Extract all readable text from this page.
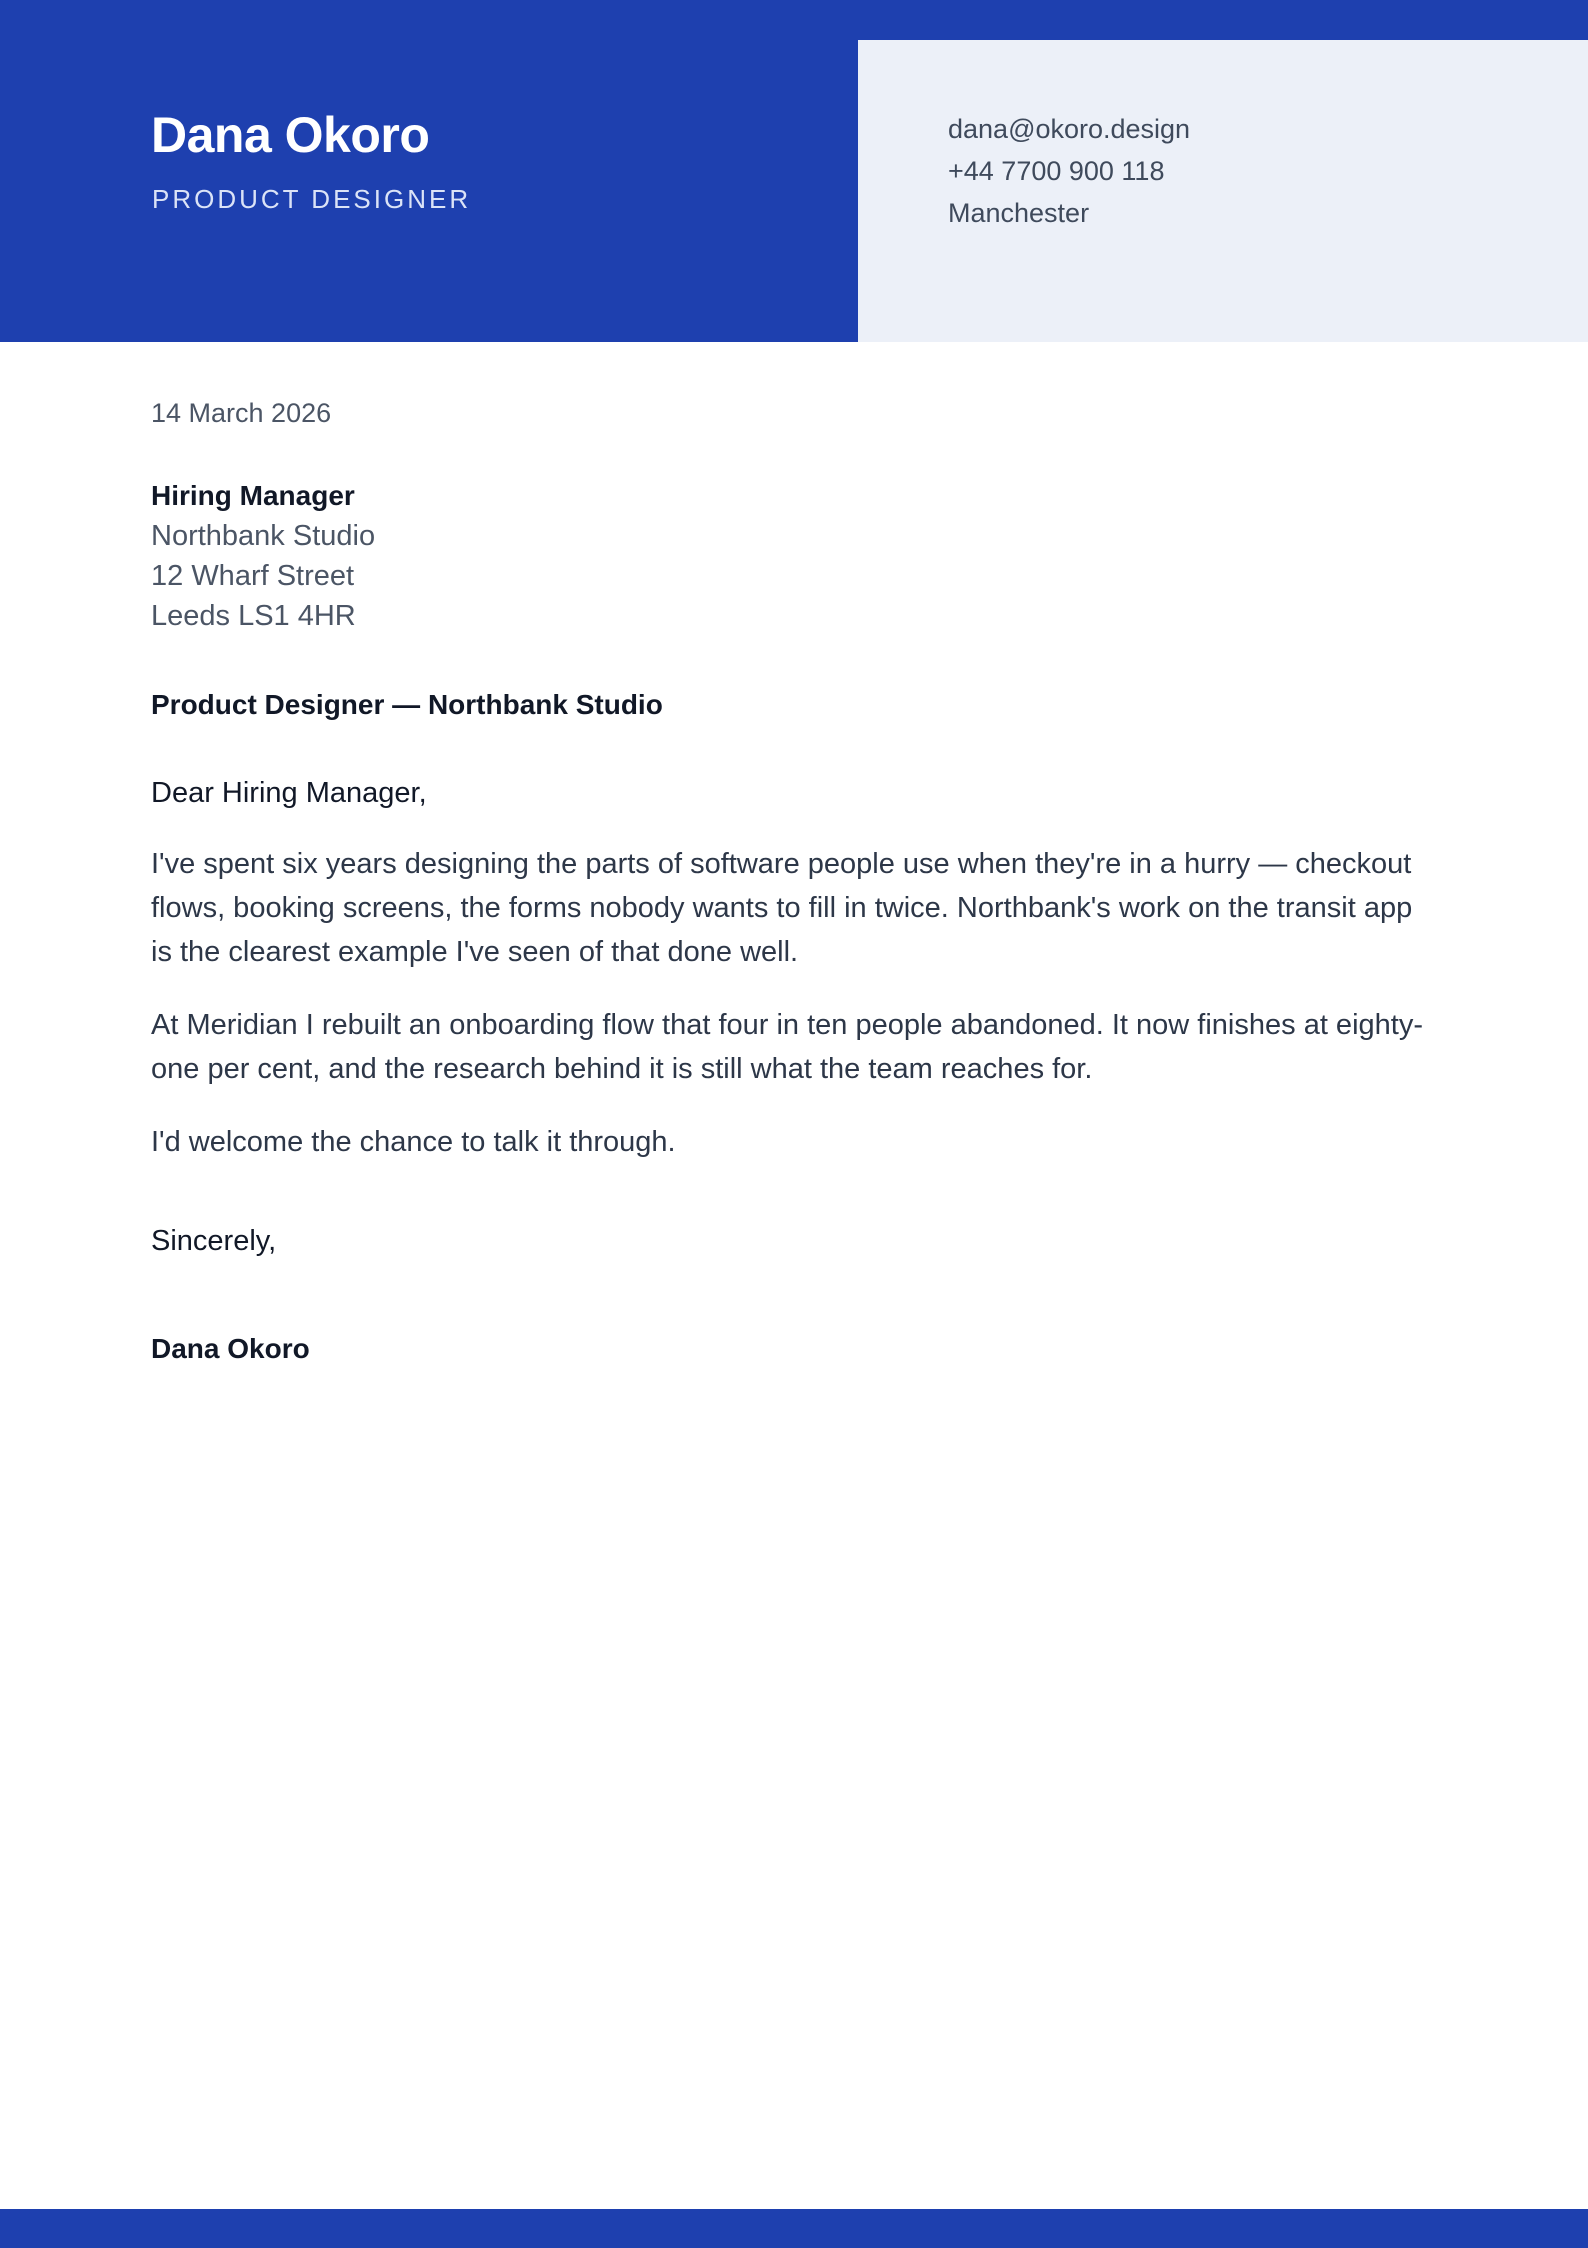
Dana Okoro

PRODUCT DESIGNER

dana@okoro.design
+44 7700 900 118
Manchester

14 March 2026

Hiring Manager
Northbank Studio
12 Wharf Street
Leeds LS1 4HR
Product Designer — Northbank Studio
Dear Hiring Manager,

I've spent six years designing the parts of software people use when they're in a hurry — checkout flows, booking screens, the forms nobody wants to fill in twice. Northbank's work on the transit app is the clearest example I've seen of that done well.

At Meridian I rebuilt an onboarding flow that four in ten people abandoned. It now finishes at eighty-one per cent, and the research behind it is still what the team reaches for.

I'd welcome the chance to talk it through.

Sincerely,
Dana Okoro
